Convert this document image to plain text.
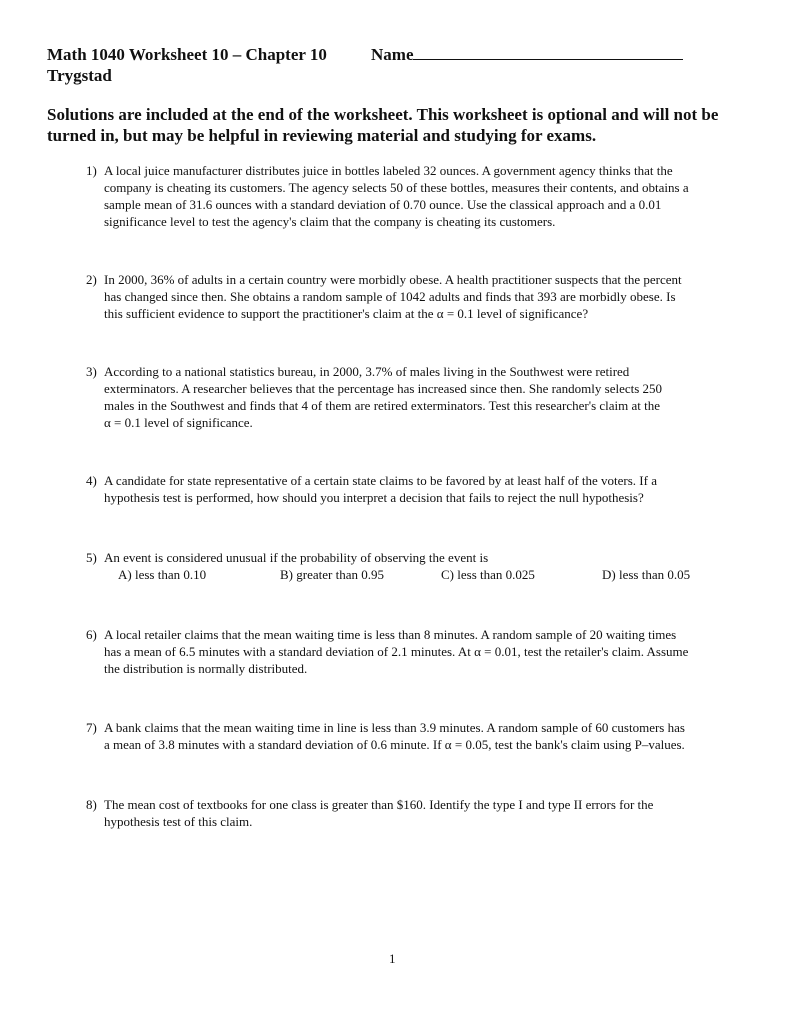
Math 1040 Worksheet 10 – Chapter 10
Trygstad
Name
Solutions are included at the end of the worksheet. This worksheet is optional and will not be
turned in, but may be helpful in reviewing material and studying for exams.
1) A local juice manufacturer distributes juice in bottles labeled 32 ounces. A government agency thinks that the
company is cheating its customers. The agency selects 50 of these bottles, measures their contents, and obtains a
sample mean of 31.6 ounces with a standard deviation of 0.70 ounce. Use the classical approach and a 0.01
significance level to test the agency's claim that the company is cheating its customers.
2) In 2000, 36% of adults in a certain country were morbidly obese. A health practitioner suspects that the percent
has changed since then. She obtains a random sample of 1042 adults and finds that 393 are morbidly obese. Is
this sufficient evidence to support the practitioner's claim at the α = 0.1 level of significance?
3) According to a national statistics bureau, in 2000, 3.7% of males living in the Southwest were retired
exterminators. A researcher believes that the percentage has increased since then. She randomly selects 250
males in the Southwest and finds that 4 of them are retired exterminators. Test this researcher's claim at the
α = 0.1 level of significance.
4) A candidate for state representative of a certain state claims to be favored by at least half of the voters. If a
hypothesis test is performed, how should you interpret a decision that fails to reject the null hypothesis?
5) An event is considered unusual if the probability of observing the event is
A) less than 0.10	B) greater than 0.95	C) less than 0.025	D) less than 0.05
6) A local retailer claims that the mean waiting time is less than 8 minutes. A random sample of 20 waiting times
has a mean of 6.5 minutes with a standard deviation of 2.1 minutes. At α = 0.01, test the retailer's claim. Assume
the distribution is normally distributed.
7) A bank claims that the mean waiting time in line is less than 3.9 minutes. A random sample of 60 customers has
a mean of 3.8 minutes with a standard deviation of 0.6 minute. If α = 0.05, test the bank's claim using P–values.
8) The mean cost of textbooks for one class is greater than $160. Identify the type I and type II errors for the
hypothesis test of this claim.
1
